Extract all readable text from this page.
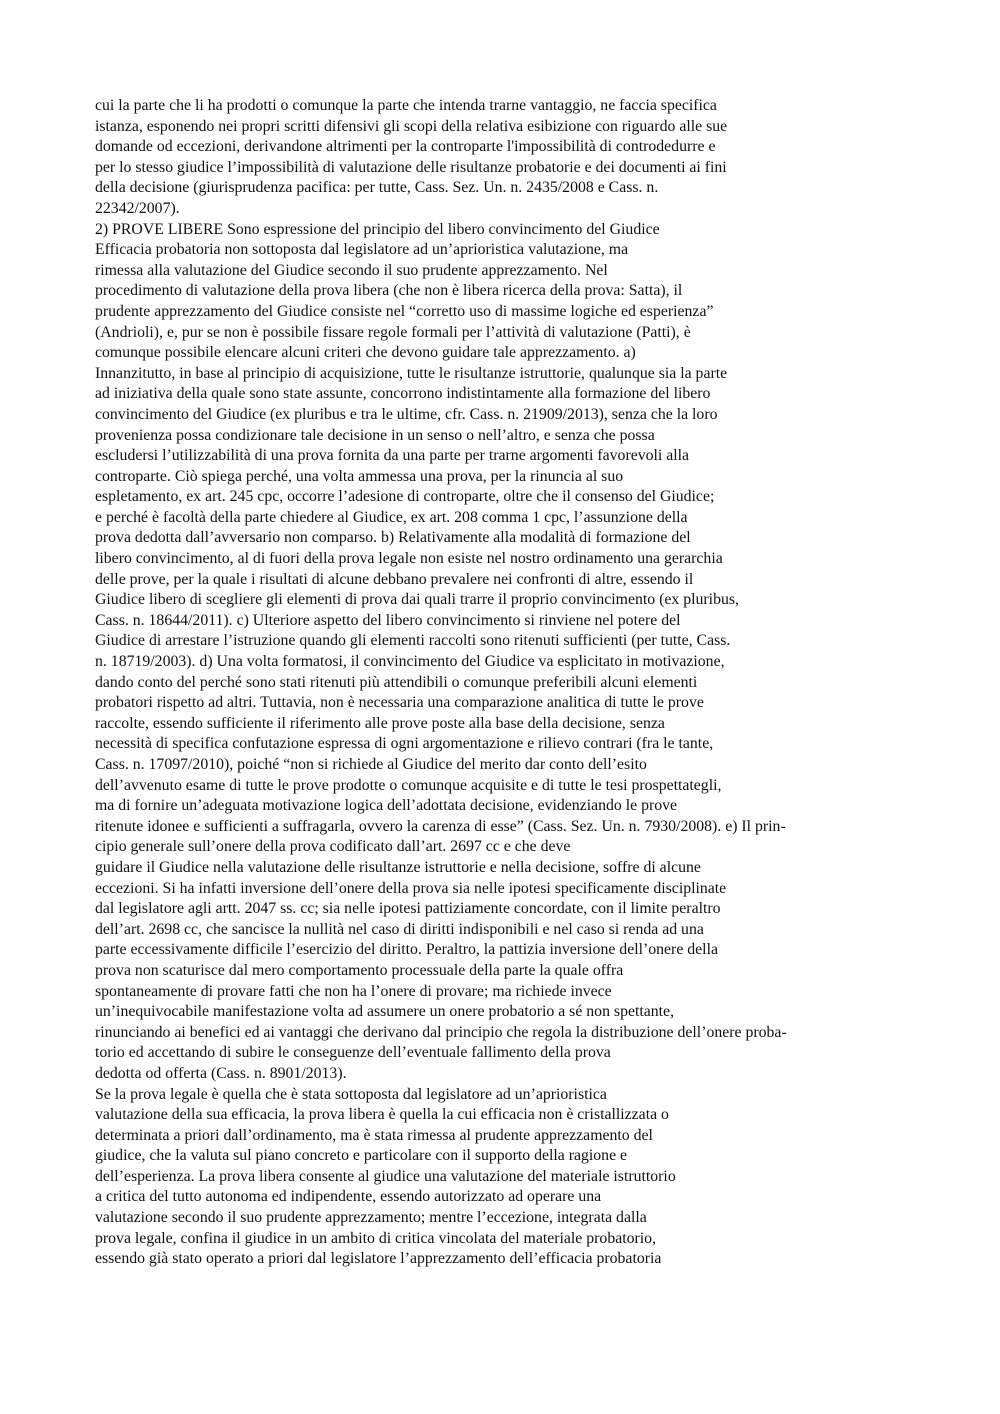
cui la parte che li ha prodotti o comunque la parte che intenda trarne vantaggio, ne faccia specifica
istanza, esponendo nei propri scritti difensivi gli scopi della relativa esibizione con riguardo alle sue
domande od eccezioni, derivandone altrimenti per la controparte l'impossibilità di controdedurre e
per lo stesso giudice l’impossibilità di valutazione delle risultanze probatorie e dei documenti ai fini
della decisione (giurisprudenza pacifica: per tutte, Cass. Sez. Un. n. 2435/2008 e Cass. n.
22342/2007).
2) PROVE LIBERE Sono espressione del principio del libero convincimento del Giudice
Efficacia probatoria non sottoposta dal legislatore ad un’aprioristica valutazione, ma
rimessa alla valutazione del Giudice secondo il suo prudente apprezzamento. Nel
procedimento di valutazione della prova libera (che non è libera ricerca della prova: Satta), il
prudente apprezzamento del Giudice consiste nel “corretto uso di massime logiche ed esperienza”
(Andrioli), e, pur se non è possibile fissare regole formali per l’attività di valutazione (Patti), è
comunque possibile elencare alcuni criteri che devono guidare tale apprezzamento. a)
Innanzitutto, in base al principio di acquisizione, tutte le risultanze istruttorie, qualunque sia la parte
ad iniziativa della quale sono state assunte, concorrono indistintamente alla formazione del libero
convincimento del Giudice (ex pluribus e tra le ultime, cfr. Cass. n. 21909/2013), senza che la loro
provenienza possa condizionare tale decisione in un senso o nell’altro, e senza che possa
escludersi l’utilizzabilità di una prova fornita da una parte per trarne argomenti favorevoli alla
controparte. Ciò spiega perché, una volta ammessa una prova, per la rinuncia al suo
espletamento, ex art. 245 cpc, occorre l’adesione di controparte, oltre che il consenso del Giudice;
e perché è facoltà della parte chiedere al Giudice, ex art. 208 comma 1 cpc, l’assunzione della
prova dedotta dall’avversario non comparso. b) Relativamente alla modalità di formazione del
libero convincimento, al di fuori della prova legale non esiste nel nostro ordinamento una gerarchia
delle prove, per la quale i risultati di alcune debbano prevalere nei confronti di altre, essendo il
Giudice libero di scegliere gli elementi di prova dai quali trarre il proprio convincimento (ex pluribus,
Cass. n. 18644/2011). c) Ulteriore aspetto del libero convincimento si rinviene nel potere del
Giudice di arrestare l’istruzione quando gli elementi raccolti sono ritenuti sufficienti (per tutte, Cass.
n. 18719/2003). d) Una volta formatosi, il convincimento del Giudice va esplicitato in motivazione,
dando conto del perché sono stati ritenuti più attendibili o comunque preferibili alcuni elementi
probatori rispetto ad altri. Tuttavia, non è necessaria una comparazione analitica di tutte le prove
raccolte, essendo sufficiente il riferimento alle prove poste alla base della decisione, senza
necessità di specifica confutazione espressa di ogni argomentazione e rilievo contrari (fra le tante,
Cass. n. 17097/2010), poiché “non si richiede al Giudice del merito dar conto dell’esito
dell’avvenuto esame di tutte le prove prodotte o comunque acquisite e di tutte le tesi prospettategli,
ma di fornire un’adeguata motivazione logica dell’adottata decisione, evidenziando le prove
ritenute idonee e sufficienti a suffragarla, ovvero la carenza di esse” (Cass. Sez. Un. n. 7930/2008). e) Il prin-
cipio generale sull’onere della prova codificato dall’art. 2697 cc e che deve
guidare il Giudice nella valutazione delle risultanze istruttorie e nella decisione, soffre di alcune
eccezioni. Si ha infatti inversione dell’onere della prova sia nelle ipotesi specificamente disciplinate
dal legislatore agli artt. 2047 ss. cc; sia nelle ipotesi pattiziamente concordate, con il limite peraltro
dell’art. 2698 cc, che sancisce la nullità nel caso di diritti indisponibili e nel caso si renda ad una
parte eccessivamente difficile l’esercizio del diritto. Peraltro, la pattizia inversione dell’onere della
prova non scaturisce dal mero comportamento processuale della parte la quale offra
spontaneamente di provare fatti che non ha l’onere di provare; ma richiede invece
un’inequivocabile manifestazione volta ad assumere un onere probatorio a sé non spettante,
rinunciando ai benefici ed ai vantaggi che derivano dal principio che regola la distribuzione dell’onere proba-
torio ed accettando di subire le conseguenze dell’eventuale fallimento della prova
dedotta od offerta (Cass. n. 8901/2013).
Se la prova legale è quella che è stata sottoposta dal legislatore ad un’aprioristica
valutazione della sua efficacia, la prova libera è quella la cui efficacia non è cristallizzata o
determinata a priori dall’ordinamento, ma è stata rimessa al prudente apprezzamento del
giudice, che la valuta sul piano concreto e particolare con il supporto della ragione e
dell’esperienza. La prova libera consente al giudice una valutazione del materiale istruttorio
a critica del tutto autonoma ed indipendente, essendo autorizzato ad operare una
valutazione secondo il suo prudente apprezzamento; mentre l’eccezione, integrata dalla
prova legale, confina il giudice in un ambito di critica vincolata del materiale probatorio,
essendo già stato operato a priori dal legislatore l’apprezzamento dell’efficacia probatoria
